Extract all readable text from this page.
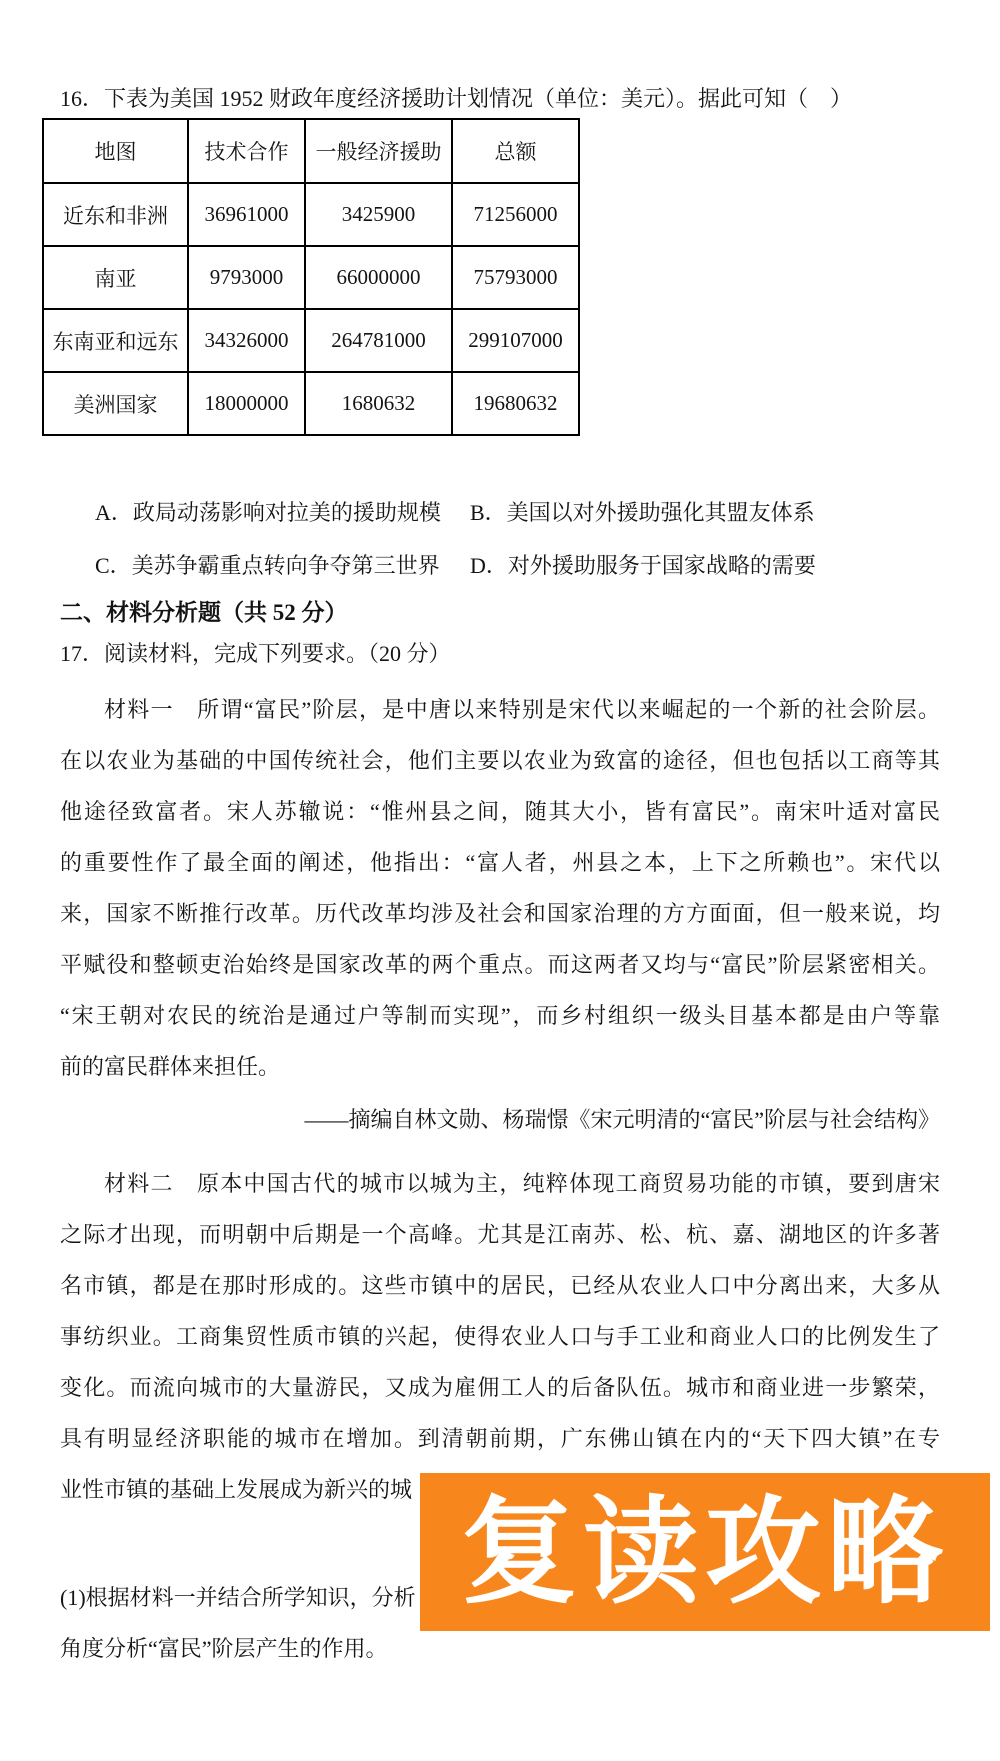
16．下表为美国 1952 财政年度经济援助计划情况（单位：美元）。据此可知（　）
地图	技术合作	一般经济援助	总额
近东和非洲	36961000	3425900	71256000
南亚	9793000	66000000	75793000
东南亚和远东	34326000	264781000	299107000
美洲国家	18000000	1680632	19680632
A．政局动荡影响对拉美的援助规模	B．美国以对外援助强化其盟友体系
C．美苏争霸重点转向争夺第三世界	D．对外援助服务于国家战略的需要
二、材料分析题（共 52 分）
17．阅读材料，完成下列要求。（20 分）
材料一　所谓“富民”阶层，是中唐以来特别是宋代以来崛起的一个新的社会阶层。
在以农业为基础的中国传统社会，他们主要以农业为致富的途径，但也包括以工商等其
他途径致富者。宋人苏辙说：“惟州县之间，随其大小，皆有富民”。南宋叶适对富民
的重要性作了最全面的阐述，他指出：“富人者，州县之本，上下之所赖也”。宋代以
来，国家不断推行改革。历代改革均涉及社会和国家治理的方方面面，但一般来说，均
平赋役和整顿吏治始终是国家改革的两个重点。而这两者又均与“富民”阶层紧密相关。
“宋王朝对农民的统治是通过户等制而实现”，而乡村组织一级头目基本都是由户等靠
前的富民群体来担任。
——摘编自林文勋、杨瑞憬《宋元明清的“富民”阶层与社会结构》
材料二　原本中国古代的城市以城为主，纯粹体现工商贸易功能的市镇，要到唐宋
之际才出现，而明朝中后期是一个高峰。尤其是江南苏、松、杭、嘉、湖地区的许多著
名市镇，都是在那时形成的。这些市镇中的居民，已经从农业人口中分离出来，大多从
事纺织业。工商集贸性质市镇的兴起，使得农业人口与手工业和商业人口的比例发生了
变化。而流向城市的大量游民，又成为雇佣工人的后备队伍。城市和商业进一步繁荣，
具有明显经济职能的城市在增加。到清朝前期，广东佛山镇在内的“天下四大镇”在专
业性市镇的基础上发展成为新兴的城
(1)根据材料一并结合所学知识，分析
角度分析“富民”阶层产生的作用。
复读攻略
